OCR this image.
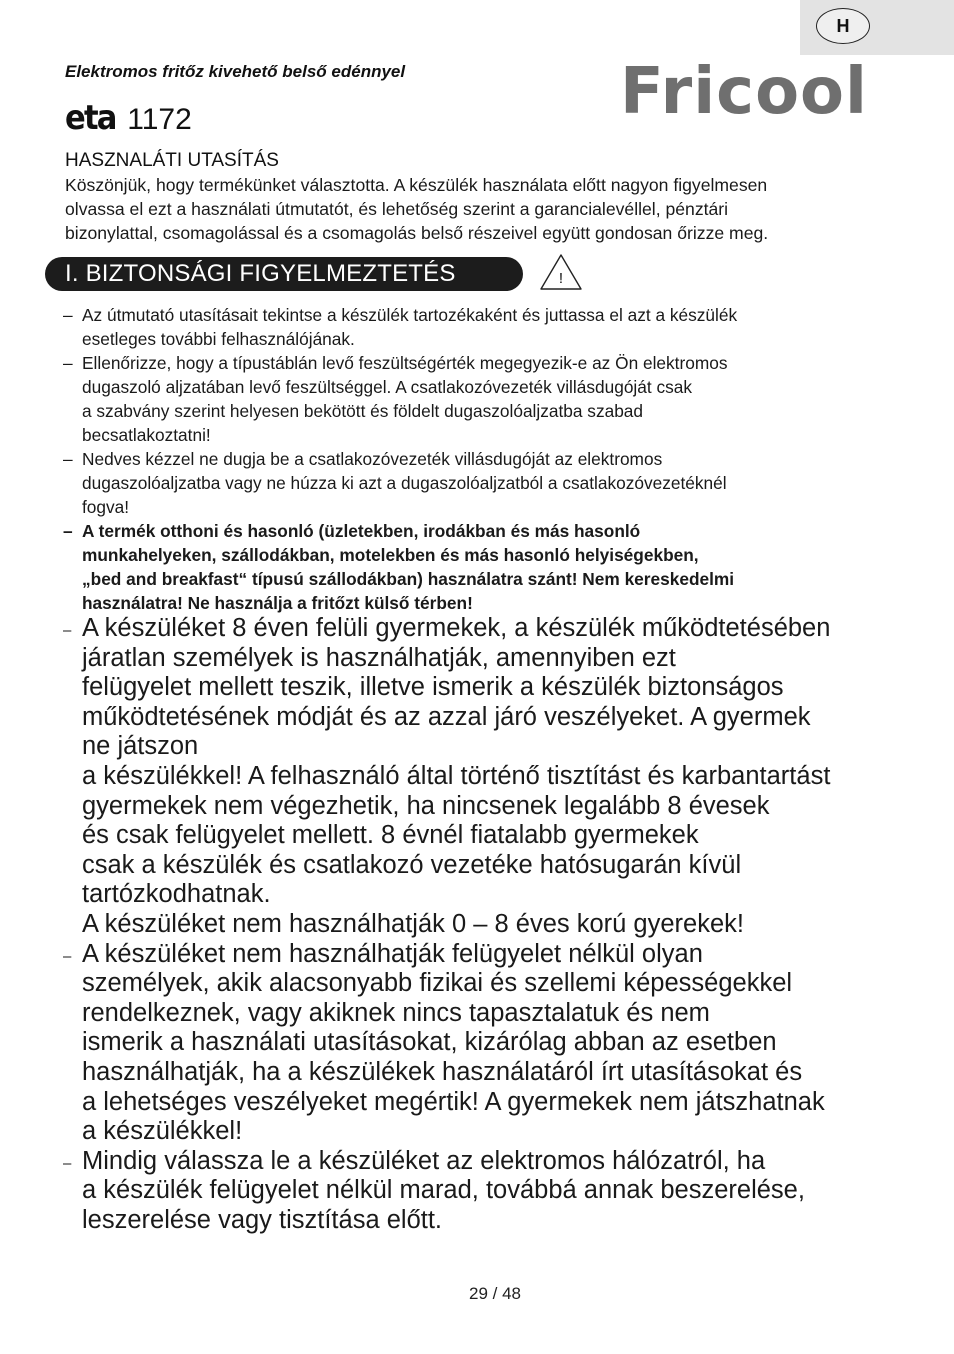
H
Elektromos fritőz kivehető belső edénnyel	Fricool
eta 1172
HASZNALÁTI UTASÍTÁS
Köszönjük, hogy termékünket választotta. A készülék használata előtt nagyon figyelmesen
olvassa el ezt a használati útmutatót, és lehetőség szerint a garancialevéllel, pénztári
bizonylattal, csomagolással és a csomagolás belső részeivel együtt gondosan őrizze meg.
I. BIZTONSÁGI FIGYELMEZTETÉS	!
– Az útmutató utasításait tekintse a készülék tartozékaként és juttassa el azt a készülék
esetleges további felhasználójának.
– Ellenőrizze, hogy a típustáblán levő feszültségérték megegyezik-e az Ön elektromos
dugaszoló aljzatában levő feszültséggel. A csatlakozóvezeték villásdugóját csak
a szabvány szerint helyesen bekötött és földelt dugaszolóaljzatba szabad
becsatlakoztatni!
– Nedves kézzel ne dugja be a csatlakozóvezeték villásdugóját az elektromos
dugaszolóaljzatba vagy ne húzza ki azt a dugaszolóaljzatból a csatlakozóvezetéknél
fogva!
– A termék otthoni és hasonló (üzletekben, irodákban és más hasonló
munkahelyeken, szállodákban, motelekben és más hasonló helyiségekben,
„bed and breakfast“ típusú szállodákban) használatra szánt! Nem kereskedelmi
használatra! Ne használja a fritőzt külső térben!
– A készüléket 8 éven felüli gyermekek, a készülék működtetésében
járatlan személyek is használhatják, amennyiben ezt
felügyelet mellett teszik, illetve ismerik a készülék biztonságos
működtetésének módját és az azzal járó veszélyeket. A gyermek
ne játszon
a készülékkel! A felhasználó által történő tisztítást és karbantartást
gyermekek nem végezhetik, ha nincsenek legalább 8 évesek
és csak felügyelet mellett. 8 évnél fiatalabb gyermekek
csak a készülék és csatlakozó vezetéke hatósugarán kívül
tartózkodhatnak.
A készüléket nem használhatják 0 – 8 éves korú gyerekek!
– A készüléket nem használhatják felügyelet nélkül olyan
személyek, akik alacsonyabb fizikai és szellemi képességekkel
rendelkeznek, vagy akiknek nincs tapasztalatuk és nem
ismerik a használati utasításokat, kizárólag abban az esetben
használhatják, ha a készülékek használatáról írt utasításokat és
a lehetséges veszélyeket megértik! A gyermekek nem játszhatnak
a készülékkel!
– Mindig válassza le a készüléket az elektromos hálózatról, ha
a készülék felügyelet nélkül marad, továbbá annak beszerelése,
leszerelése vagy tisztítása előtt.
29 / 48
